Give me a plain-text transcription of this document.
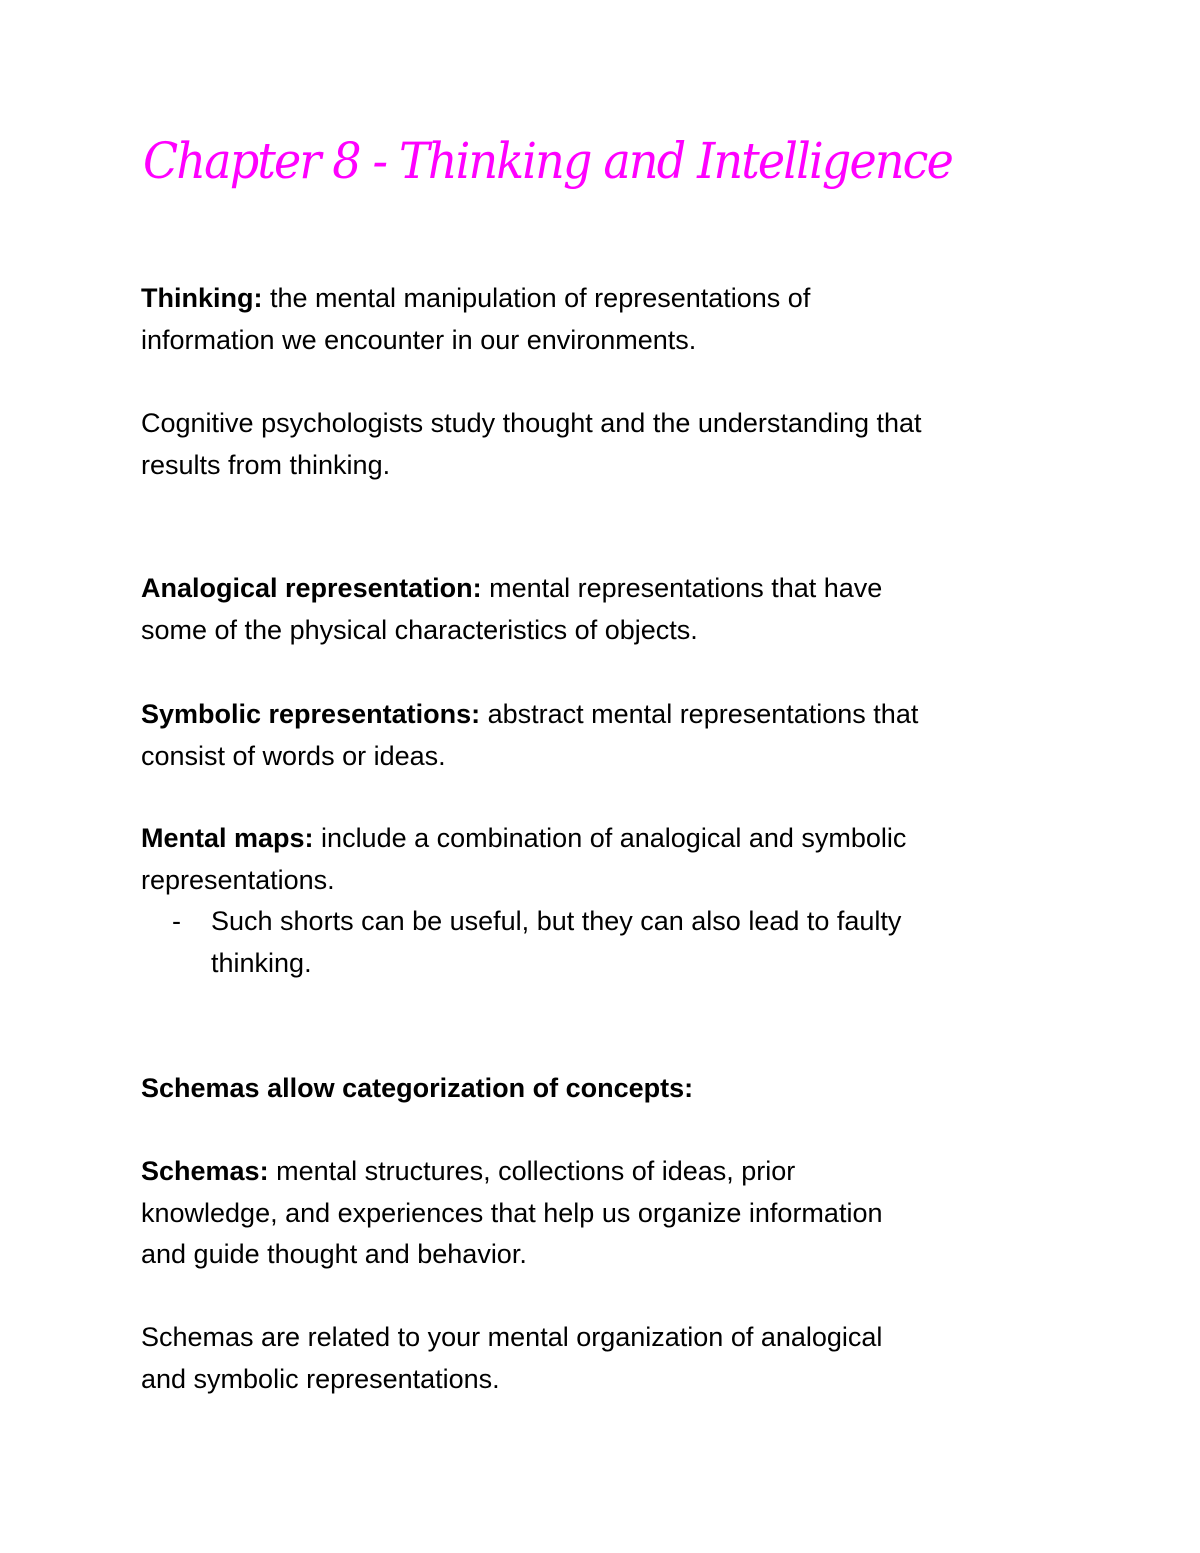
Chapter 8 - Thinking and Intelligence
Thinking: the mental manipulation of representations of
information we encounter in our environments.
Cognitive psychologists study thought and the understanding that
results from thinking.
Analogical representation: mental representations that have
some of the physical characteristics of objects.
Symbolic representations: abstract mental representations that
consist of words or ideas.
Mental maps: include a combination of analogical and symbolic
representations.
- Such shorts can be useful, but they can also lead to faulty
thinking.
Schemas allow categorization of concepts:
Schemas: mental structures, collections of ideas, prior
knowledge, and experiences that help us organize information
and guide thought and behavior.
Schemas are related to your mental organization of analogical
and symbolic representations.
